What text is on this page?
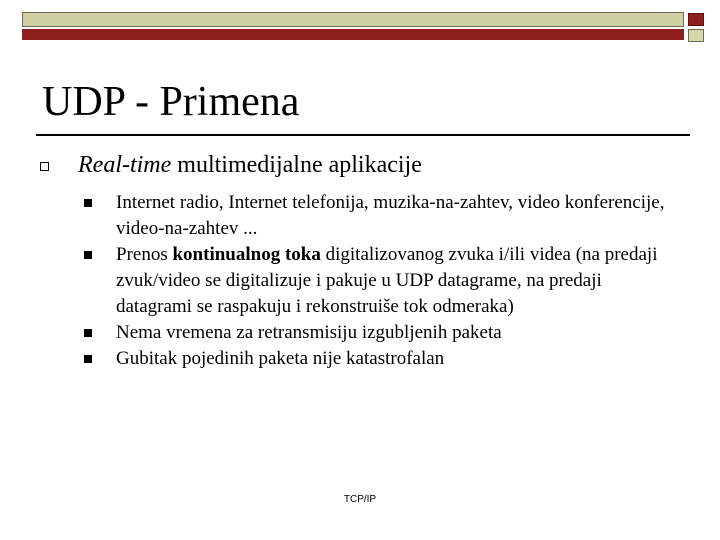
UDP - Primena
Real-time multimedijalne aplikacije
Internet radio, Internet telefonija, muzika-na-zahtev, video konferencije, video-na-zahtev ...
Prenos kontinualnog toka digitalizovanog zvuka i/ili videa (na predaji zvuk/video se digitalizuje i pakuje u UDP datagrame, na predaji datagrami se raspakuju i rekonstruiše tok odmeraka)
Nema vremena za retransmisiju izgubljenih paketa
Gubitak pojedinih paketa nije katastrofalan
TCP/IP
